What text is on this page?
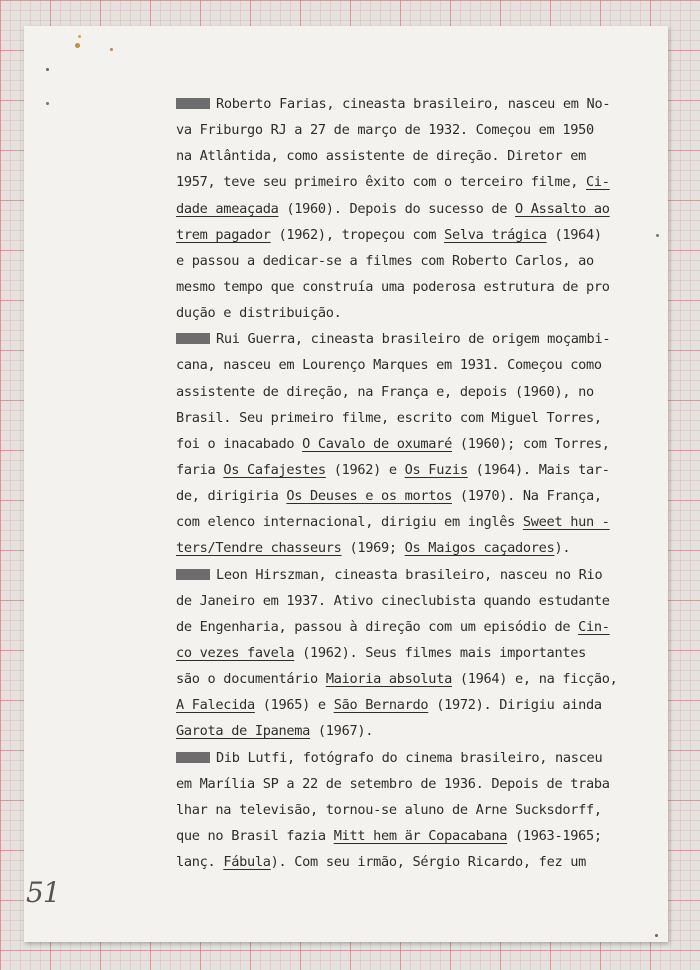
Roberto Farias, cineasta brasileiro, nasceu em No-
va Friburgo RJ a 27 de março de 1932. Começou em 1950
na Atlântida, como assistente de direção. Diretor em
1957, teve seu primeiro êxito com o terceiro filme, Ci-
dade ameaçada (1960). Depois do sucesso de O Assalto ao
trem pagador (1962), tropeçou com Selva trágica (1964)
e passou a dedicar-se a filmes com Roberto Carlos, ao
mesmo tempo que construía uma poderosa estrutura de pro
dução e distribuição.
Rui Guerra, cineasta brasileiro de origem moçambi-
cana, nasceu em Lourenço Marques em 1931. Começou como
assistente de direção, na França e, depois (1960), no
Brasil. Seu primeiro filme, escrito com Miguel Torres,
foi o inacabado O Cavalo de oxumaré (1960); com Torres,
faria Os Cafajestes (1962) e Os Fuzis (1964). Mais tar-
de, dirigiria Os Deuses e os mortos (1970). Na França,
com elenco internacional, dirigiu em inglês Sweet hun -
ters/Tendre chasseurs (1969; Os Maigos caçadores).
Leon Hirszman, cineasta brasileiro, nasceu no Rio
de Janeiro em 1937. Ativo cineclubista quando estudante
de Engenharia, passou à direção com um episódio de Cin-
co vezes favela (1962). Seus filmes mais importantes
são o documentário Maioria absoluta (1964) e, na ficção,
A Falecida (1965) e São Bernardo (1972). Dirigiu ainda
Garota de Ipanema (1967).
Dib Lutfi, fotógrafo do cinema brasileiro, nasceu
em Marília SP a 22 de setembro de 1936. Depois de traba
lhar na televisão, tornou-se aluno de Arne Sucksdorff,
que no Brasil fazia Mitt hem är Copacabana (1963-1965;
lanç. Fábula). Com seu irmão, Sérgio Ricardo, fez um
51
